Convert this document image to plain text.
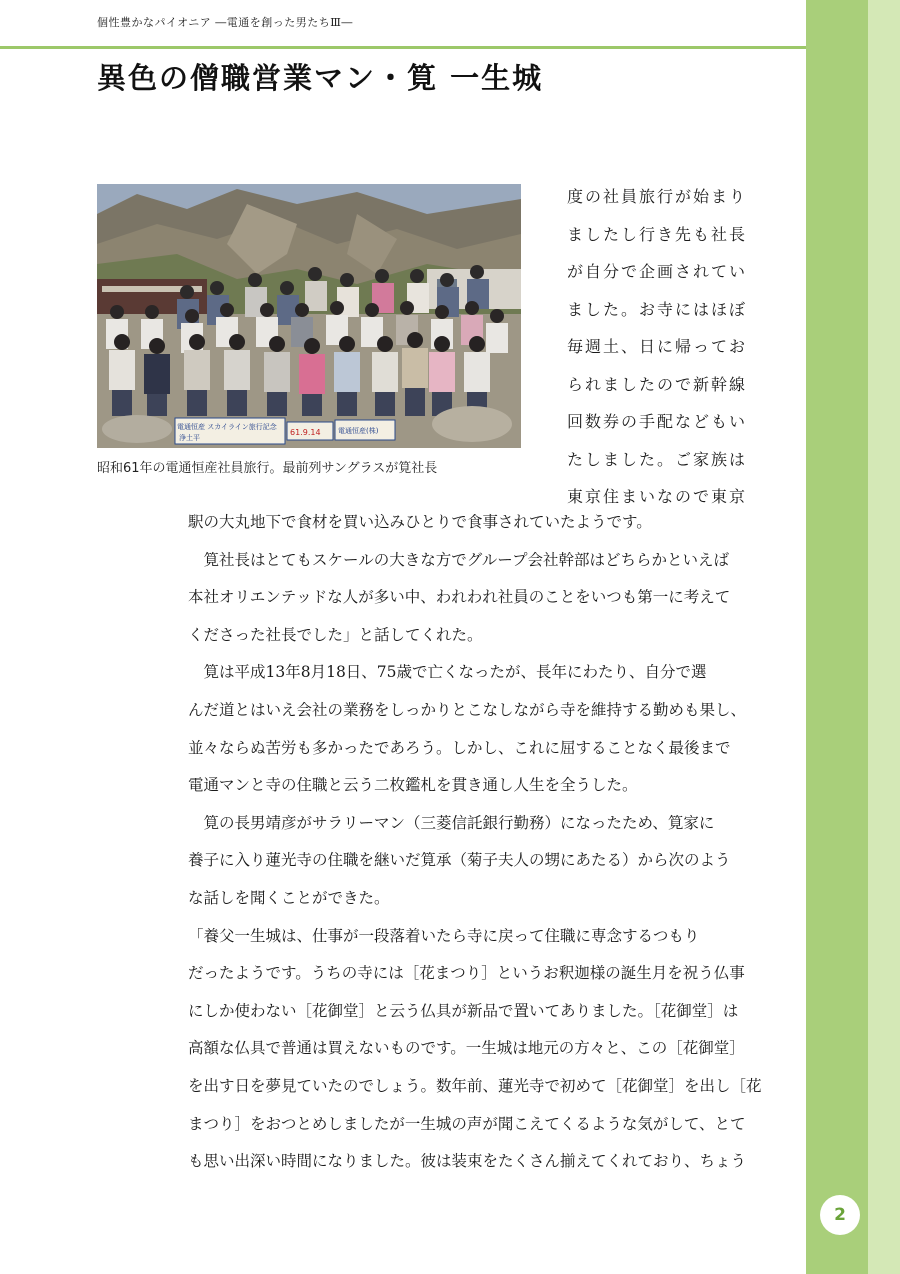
個性豊かなパイオニア ―電通を創った男たちⅢ―
異色の僧職営業マン・筧 一生城
電通恒産 スカイライン旅行記念
浄土平
61.9.14 電通恒産(株)
昭和61年の電通恒産社員旅行。最前列サングラスが筧社長
度の社員旅行が始まり
ましたし行き先も社長
が自分で企画されてい
ました。お寺にはほぼ
毎週土、日に帰ってお
られましたので新幹線
回数券の手配などもい
たしました。ご家族は
東京住まいなので東京
駅の大丸地下で食材を買い込みひとりで食事されていたようです。
　筧社長はとてもスケールの大きな方でグループ会社幹部はどちらかといえば
本社オリエンテッドな人が多い中、われわれ社員のことをいつも第一に考えて
くださった社長でした」と話してくれた。
　筧は平成13年8月18日、75歳で亡くなったが、長年にわたり、自分で選
んだ道とはいえ会社の業務をしっかりとこなしながら寺を維持する勤めも果し、
並々ならぬ苦労も多かったであろう。しかし、これに屈することなく最後まで
電通マンと寺の住職と云う二枚鑑札を貫き通し人生を全うした。
　筧の長男靖彦がサラリーマン（三菱信託銀行勤務）になったため、筧家に
養子に入り蓮光寺の住職を継いだ筧承（菊子夫人の甥にあたる）から次のよう
な話しを聞くことができた。
「養父一生城は、仕事が一段落着いたら寺に戻って住職に専念するつもり
だったようです。うちの寺には［花まつり］というお釈迦様の誕生月を祝う仏事
にしか使わない［花御堂］と云う仏具が新品で置いてありました。［花御堂］は
高額な仏具で普通は買えないものです。一生城は地元の方々と、この［花御堂］
を出す日を夢見ていたのでしょう。数年前、蓮光寺で初めて［花御堂］を出し［花
まつり］をおつとめしましたが一生城の声が聞こえてくるような気がして、とて
も思い出深い時間になりました。彼は装束をたくさん揃えてくれており、ちょう
2
